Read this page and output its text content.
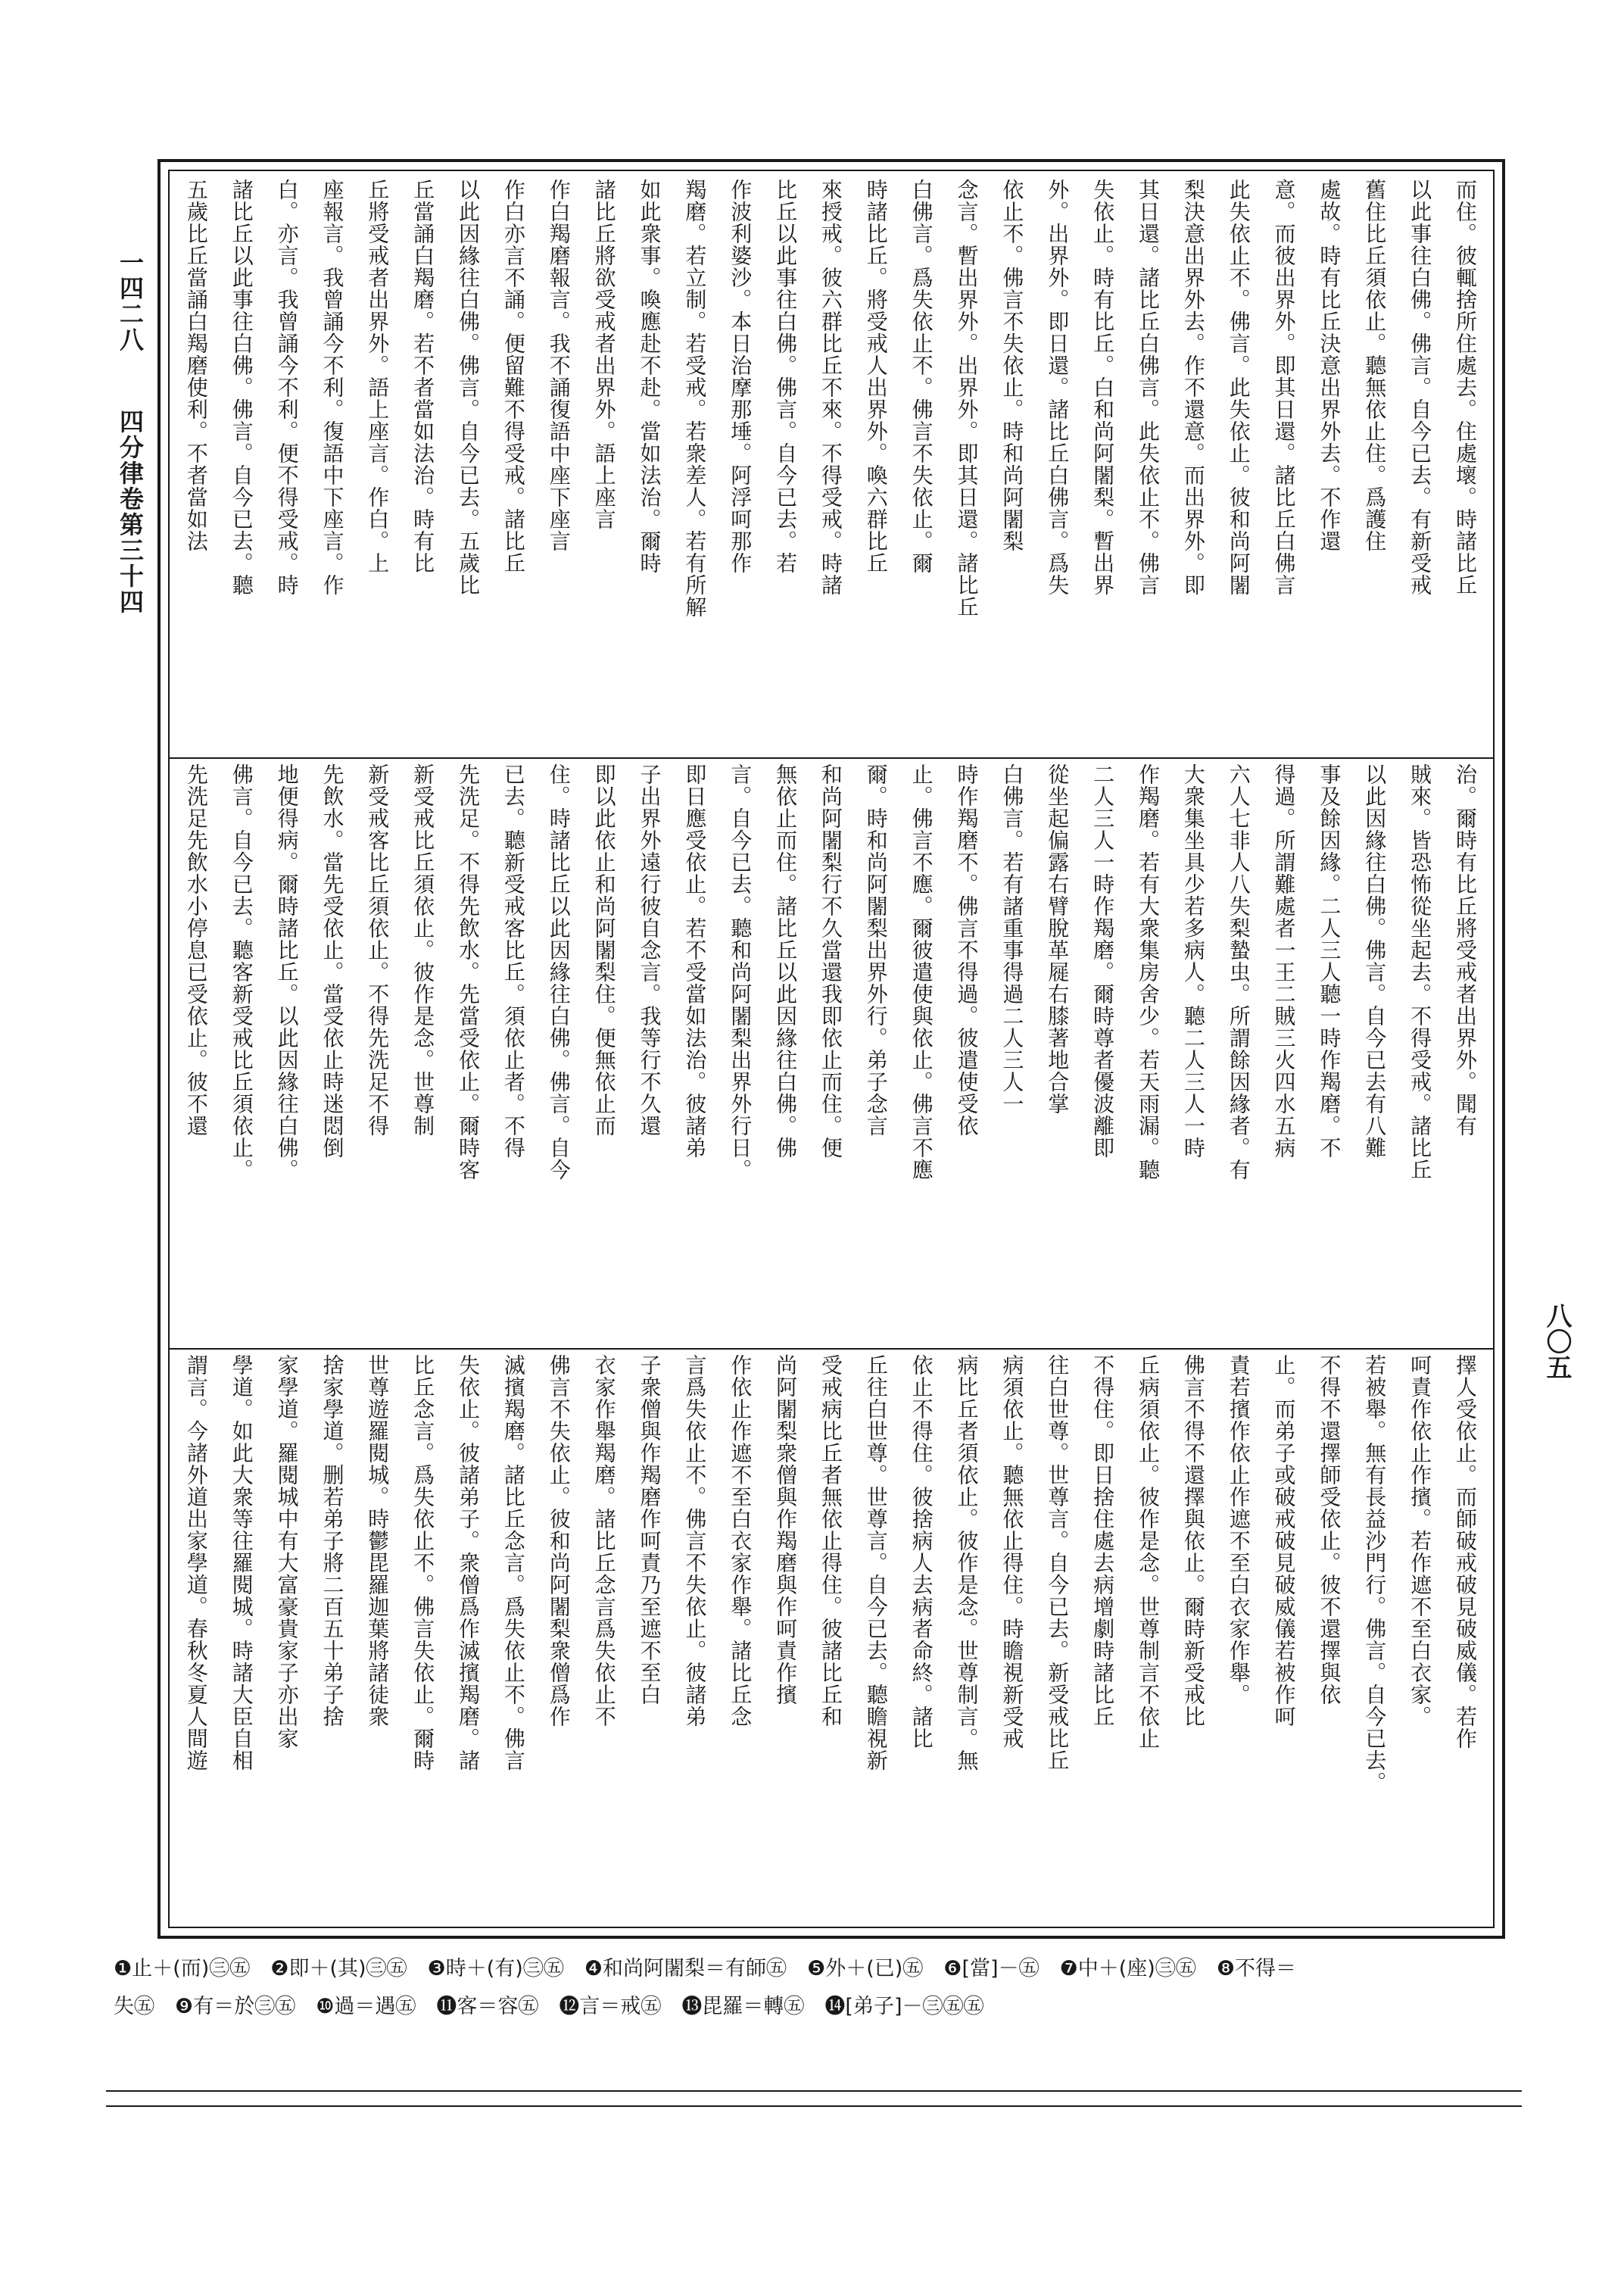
一四二八
四分律卷第三十四
八〇五
而住。彼輒捨所住處去。住處壞。時諸比丘
以此事往白佛。佛言。自今已去。有新受戒
舊住比丘須依止。聽無依止住。爲護住
處故。時有比丘決意出界外去。不作還
意。而彼出界外。即其日還。諸比丘白佛言
此失依止不。佛言。此失依止。彼和尚阿闍
梨決意出界外去。作不還意。而出界外。即
其日還。諸比丘白佛言。此失依止不。佛言
失依止。時有比丘。白和尚阿闍梨。暫出界
外。出界外。即日還。諸比丘白佛言。爲失
依止不。佛言不失依止。時和尚阿闍梨
念言。暫出界外。出界外。即其日還。諸比丘
白佛言。爲失依止不。佛言不失依止。爾
時諸比丘。將受戒人出界外。喚六群比丘
來授戒。彼六群比丘不來。不得受戒。時諸
比丘以此事往白佛。佛言。自今已去。若
作波利婆沙。本日治摩那埵。阿浮呵那作
羯磨。若立制。若受戒。若衆差人。若有所解
如此衆事。喚應赴不赴。當如法治。爾時
諸比丘將欲受戒者出界外。語上座言
作白羯磨報言。我不誦復語中座下座言
作白亦言不誦。便留難不得受戒。諸比丘
以此因緣往白佛。佛言。自今已去。五歲比
丘當誦白羯磨。若不者當如法治。時有比
丘將受戒者出界外。語上座言。作白。上
座報言。我曾誦今不利。復語中下座言。作
白。亦言。我曾誦今不利。便不得受戒。時
諸比丘以此事往白佛。佛言。自今已去。聽
五歲比丘當誦白羯磨使利。不者當如法
治。爾時有比丘將受戒者出界外。聞有
賊來。皆恐怖從坐起去。不得受戒。諸比丘
以此因緣往白佛。佛言。自今已去有八難
事及餘因緣。二人三人聽一時作羯磨。不
得過。所謂難處者一王二賊三火四水五病
六人七非人八失梨蟄虫。所謂餘因緣者。有
大衆集坐具少若多病人。聽二人三人一時
作羯磨。若有大衆集房舍少。若天雨漏。聽
二人三人一時作羯磨。爾時尊者優波離即
從坐起偏露右臂脫革屣右膝著地合掌
白佛言。若有諸重事得過二人三人一
時作羯磨不。佛言不得過。彼遣使受依
止。佛言不應。爾彼遣使與依止。佛言不應
爾。時和尚阿闍梨出界外行。弟子念言
和尚阿闍梨行不久當還我即依止而住。便
無依止而住。諸比丘以此因緣往白佛。佛
言。自今已去。聽和尚阿闍梨出界外行日。
即日應受依止。若不受當如法治。彼諸弟
子出界外遠行彼自念言。我等行不久還
即以此依止和尚阿闍梨住。便無依止而
住。時諸比丘以此因緣往白佛。佛言。自今
已去。聽新受戒客比丘。須依止者。不得
先洗足。不得先飲水。先當受依止。爾時客
新受戒比丘須依止。彼作是念。世尊制
新受戒客比丘須依止。不得先洗足不得
先飲水。當先受依止。當受依止時迷悶倒
地便得病。爾時諸比丘。以此因緣往白佛。
佛言。自今已去。聽客新受戒比丘須依止。
先洗足先飲水小停息已受依止。彼不還
擇人受依止。而師破戒破見破威儀。若作
呵責作依止作擯。若作遮不至白衣家。
若被舉。無有長益沙門行。佛言。自今已去。
不得不還擇師受依止。彼不還擇與依
止。而弟子或破戒破見破威儀若被作呵
責若擯作依止作遮不至白衣家作舉。
佛言不得不還擇與依止。爾時新受戒比
丘病須依止。彼作是念。世尊制言不依止
不得住。即日捨住處去病增劇時諸比丘
往白世尊。世尊言。自今已去。新受戒比丘
病須依止。聽無依止得住。時瞻視新受戒
病比丘者須依止。彼作是念。世尊制言。無
依止不得住。彼捨病人去病者命終。諸比
丘往白世尊。世尊言。自今已去。聽瞻視新
受戒病比丘者無依止得住。彼諸比丘和
尚阿闍梨衆僧與作羯磨與作呵責作擯
作依止作遮不至白衣家作舉。諸比丘念
言爲失依止不。佛言不失依止。彼諸弟
子衆僧與作羯磨作呵責乃至遮不至白
衣家作舉羯磨。諸比丘念言爲失依止不
佛言不失依止。彼和尚阿闍梨衆僧爲作
滅擯羯磨。諸比丘念言。爲失依止不。佛言
失依止。彼諸弟子。衆僧爲作滅擯羯磨。諸
比丘念言。爲失依止不。佛言失依止。爾時
世尊遊羅閱城。時鬱毘羅迦葉將諸徒衆
捨家學道。删若弟子將二百五十弟子捨
家學道。羅閱城中有大富豪貴家子亦出家
學道。如此大衆等往羅閱城。時諸大臣自相
謂言。今諸外道出家學道。春秋冬夏人間遊
❶止＋(而)㊂㊄　❷即＋(其)㊂㊄　❸時＋(有)㊂㊄　❹和尚阿闍梨＝有師㊄　❺外＋(已)㊄　❻[當]－㊄　❼中＋(座)㊂㊄　❽不得＝
失㊄　❾有＝於㊂㊄　❿過＝遇㊄　⓫客＝容㊄　⓬言＝戒㊄　⓭毘羅＝轉㊄　⓮[弟子]－㊂㊄㊄
